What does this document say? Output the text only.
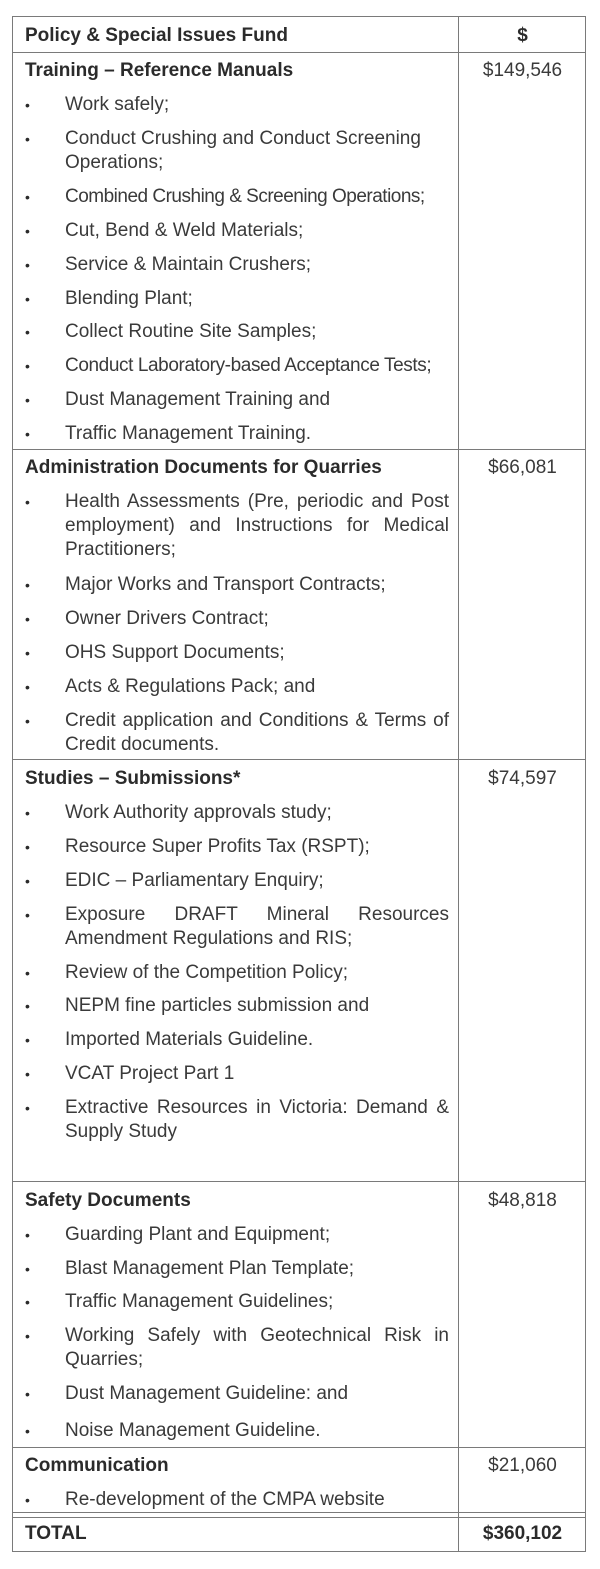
Policy & Special Issues Fund	$
Training – Reference Manuals	$149,546
•	Work safely;
•	Conduct Crushing and Conduct Screening Operations;
•	Combined Crushing & Screening Operations;
•	Cut, Bend & Weld Materials;
•	Service & Maintain Crushers;
•	Blending Plant;
•	Collect Routine Site Samples;
•	Conduct Laboratory-based Acceptance Tests;
•	Dust Management Training and
•	Traffic Management Training.
Administration Documents for Quarries	$66,081
•	Health Assessments (Pre, periodic and Post employment) and Instructions for Medical Practitioners;
•	Major Works and Transport Contracts;
•	Owner Drivers Contract;
•	OHS Support Documents;
•	Acts & Regulations Pack; and
•	Credit application and Conditions & Terms of Credit documents.
Studies – Submissions*	$74,597
•	Work Authority approvals study;
•	Resource Super Profits Tax (RSPT);
•	EDIC – Parliamentary Enquiry;
•	Exposure DRAFT Mineral Resources Amendment Regulations and RIS;
•	Review of the Competition Policy;
•	NEPM fine particles submission and
•	Imported Materials Guideline.
•	VCAT Project Part 1
•	Extractive Resources in Victoria: Demand & Supply Study
Safety Documents	$48,818
•	Guarding Plant and Equipment;
•	Blast Management Plan Template;
•	Traffic Management Guidelines;
•	Working Safely with Geotechnical Risk in Quarries;
•	Dust Management Guideline: and
•	Noise Management Guideline.
Communication	$21,060
•	Re-development of the CMPA website
TOTAL	$360,102
